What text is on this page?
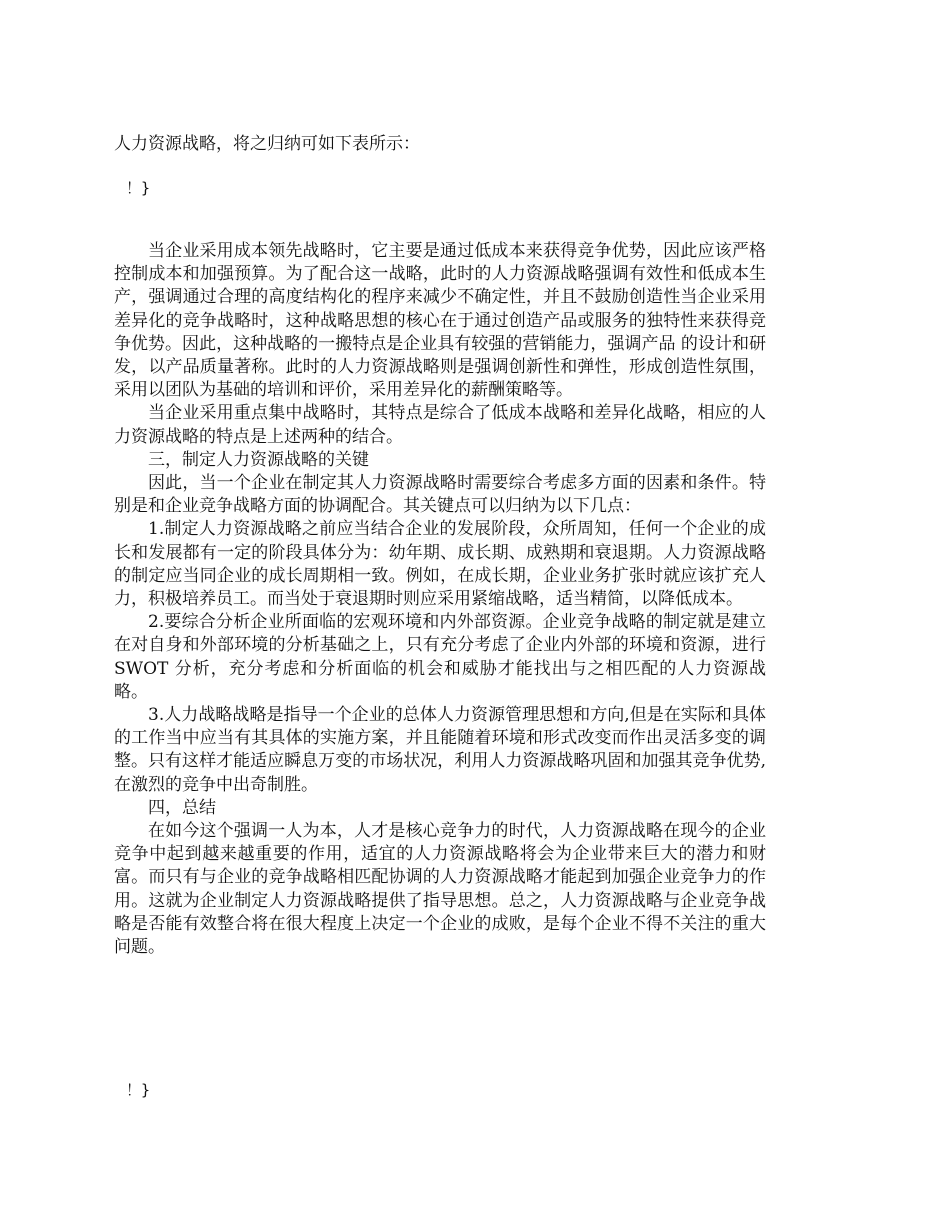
人力资源战略，将之归纳可如下表所示：
！}

当企业采用成本领先战略时，它主要是通过低成本来获得竞争优势，因此应该严格控制成本和加强预算。为了配合这一战略，此时的人力资源战略强调有效性和低成本生产，强调通过合理的高度结构化的程序来减少不确定性，并且不鼓励创造性当企业采用差异化的竞争战略时，这种战略思想的核心在于通过创造产品或服务的独特性来获得竞争优势。因此，这种战略的一搬特点是企业具有较强的营销能力，强调产品 的设计和研发，以产品质量著称。此时的人力资源战略则是强调创新性和弹性，形成创造性氛围，采用以团队为基础的培训和评价，采用差异化的薪酬策略等。

当企业采用重点集中战略时，其特点是综合了低成本战略和差异化战略，相应的人力资源战略的特点是上述两种的结合。

三，制定人力资源战略的关键

因此，当一个企业在制定其人力资源战略时需要综合考虑多方面的因素和条件。特别是和企业竞争战略方面的协调配合。其关键点可以归纳为以下几点：

1.制定人力资源战略之前应当结合企业的发展阶段，众所周知，任何一个企业的成长和发展都有一定的阶段具体分为：幼年期、成长期、成熟期和衰退期。人力资源战略的制定应当同企业的成长周期相一致。例如，在成长期，企业业务扩张时就应该扩充人力，积极培养员工。而当处于衰退期时则应采用紧缩战略，适当精简，以降低成本。

2.要综合分析企业所面临的宏观环境和内外部资源。企业竞争战略的制定就是建立在对自身和外部环境的分析基础之上，只有充分考虑了企业内外部的环境和资源，进行 SWOT 分析，充分考虑和分析面临的机会和威胁才能找出与之相匹配的人力资源战略。

3.人力战略战略是指导一个企业的总体人力资源管理思想和方向,但是在实际和具体的工作当中应当有其具体的实施方案，并且能随着环境和形式改变而作出灵活多变的调整。只有这样才能适应瞬息万变的市场状况，利用人力资源战略巩固和加强其竞争优势,在激烈的竞争中出奇制胜。

四，总结

在如今这个强调一人为本，人才是核心竞争力的时代，人力资源战略在现今的企业竞争中起到越来越重要的作用，适宜的人力资源战略将会为企业带来巨大的潜力和财富。而只有与企业的竞争战略相匹配协调的人力资源战略才能起到加强企业竞争力的作用。这就为企业制定人力资源战略提供了指导思想。总之，人力资源战略与企业竞争战略是否能有效整合将在很大程度上决定一个企业的成败，是每个企业不得不关注的重大问题。

！}
